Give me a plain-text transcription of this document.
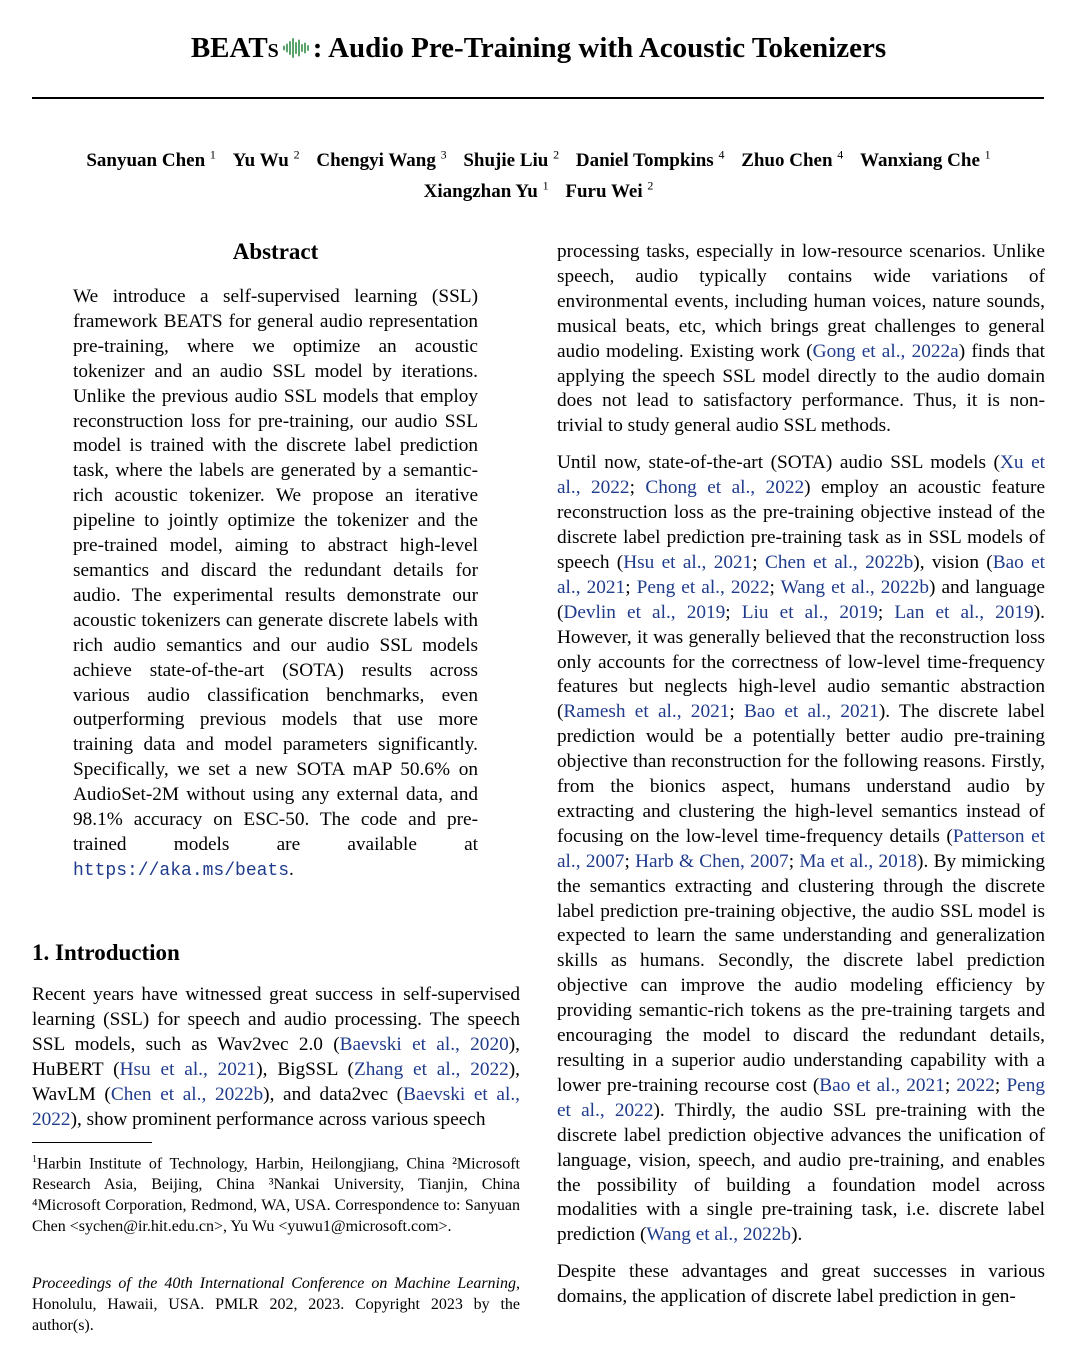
BEATs : Audio Pre-Training with Acoustic Tokenizers
Sanyuan Chen $^1$ Yu Wu $^2$ Chengyi Wang $^3$ Shujie Liu $^2$ Daniel Tompkins $^4$ Zhuo Chen $^4$ Wanxiang Che $^1$
Xiangzhan Yu $^1$ Furu Wei $^2$
Abstract
We introduce a self-supervised learning (SSL) framework BEATS for general audio representation pre-training, where we optimize an acoustic tokenizer and an audio SSL model by iterations. Unlike the previous audio SSL models that employ reconstruction loss for pre-training, our audio SSL model is trained with the discrete label prediction task, where the labels are generated by a semantic-rich acoustic tokenizer. We propose an iterative pipeline to jointly optimize the tokenizer and the pre-trained model, aiming to abstract high-level semantics and discard the redundant details for audio. The experimental results demonstrate our acoustic tokenizers can generate discrete labels with rich audio semantics and our audio SSL models achieve state-of-the-art (SOTA) results across various audio classification benchmarks, even outperforming previous models that use more training data and model parameters significantly. Specifically, we set a new SOTA mAP 50.6% on AudioSet-2M without using any external data, and 98.1% accuracy on ESC-50. The code and pre-trained models are available at https://aka.ms/beats.
1. Introduction
Recent years have witnessed great success in self-supervised learning (SSL) for speech and audio processing. The speech SSL models, such as Wav2vec 2.0 (Baevski et al., 2020), HuBERT (Hsu et al., 2021), BigSSL (Zhang et al., 2022), WavLM (Chen et al., 2022b), and data2vec (Baevski et al., 2022), show prominent performance across various speech
$^1$Harbin Institute of Technology, Harbin, Heilongjiang, China ²Microsoft Research Asia, Beijing, China ³Nankai University, Tianjin, China ⁴Microsoft Corporation, Redmond, WA, USA. Correspondence to: Sanyuan Chen <sychen@ir.hit.edu.cn>, Yu Wu <yuwu1@microsoft.com>.
Proceedings of the 40th International Conference on Machine Learning, Honolulu, Hawaii, USA. PMLR 202, 2023. Copyright 2023 by the author(s).

processing tasks, especially in low-resource scenarios. Unlike speech, audio typically contains wide variations of environmental events, including human voices, nature sounds, musical beats, etc, which brings great challenges to general audio modeling. Existing work (Gong et al., 2022a) finds that applying the speech SSL model directly to the audio domain does not lead to satisfactory performance. Thus, it is non-trivial to study general audio SSL methods.

Until now, state-of-the-art (SOTA) audio SSL models (Xu et al., 2022; Chong et al., 2022) employ an acoustic feature reconstruction loss as the pre-training objective instead of the discrete label prediction pre-training task as in SSL models of speech (Hsu et al., 2021; Chen et al., 2022b), vision (Bao et al., 2021; Peng et al., 2022; Wang et al., 2022b) and language (Devlin et al., 2019; Liu et al., 2019; Lan et al., 2019). However, it was generally believed that the reconstruction loss only accounts for the correctness of low-level time-frequency features but neglects high-level audio semantic abstraction (Ramesh et al., 2021; Bao et al., 2021). The discrete label prediction would be a potentially better audio pre-training objective than reconstruction for the following reasons. Firstly, from the bionics aspect, humans understand audio by extracting and clustering the high-level semantics instead of focusing on the low-level time-frequency details (Patterson et al., 2007; Harb & Chen, 2007; Ma et al., 2018). By mimicking the semantics extracting and clustering through the discrete label prediction pre-training objective, the audio SSL model is expected to learn the same understanding and generalization skills as humans. Secondly, the discrete label prediction objective can improve the audio modeling efficiency by providing semantic-rich tokens as the pre-training targets and encouraging the model to discard the redundant details, resulting in a superior audio understanding capability with a lower pre-training recourse cost (Bao et al., 2021; 2022; Peng et al., 2022). Thirdly, the audio SSL pre-training with the discrete label prediction objective advances the unification of language, vision, speech, and audio pre-training, and enables the possibility of building a foundation model across modalities with a single pre-training task, i.e. discrete label prediction (Wang et al., 2022b).

Despite these advantages and great successes in various domains, the application of discrete label prediction in gen-
